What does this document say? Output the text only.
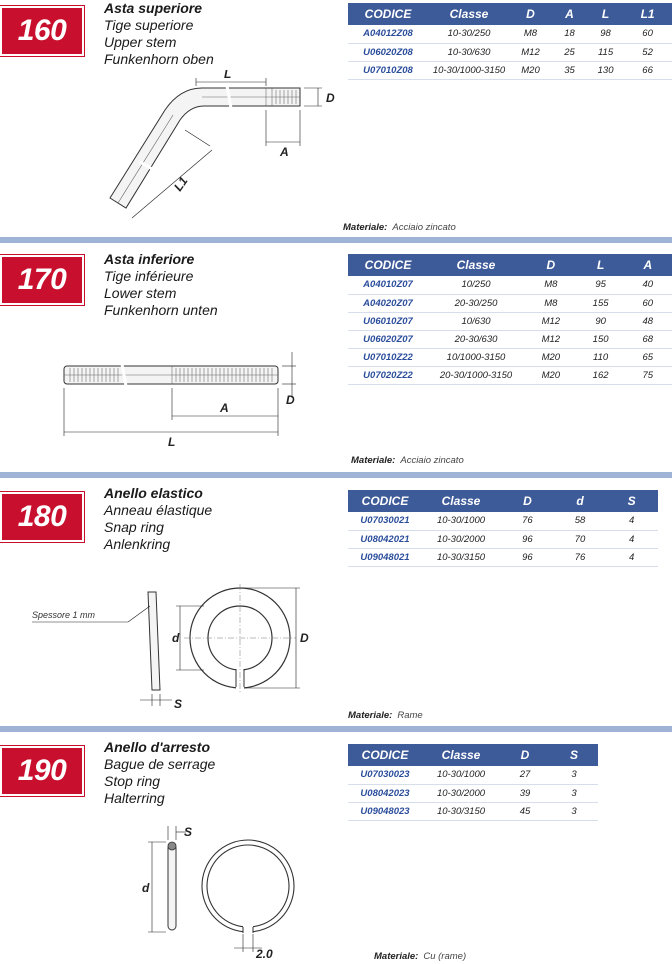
160
Asta superiore
Tige superiore
Upper stem
Funkenhorn oben
CODICE	Classe	D	A	L	L1
A04012Z08	10-30/250	M8	18	98	60
U06020Z08	10-30/630	M12	25	115	52
U07010Z08	10-30/1000-3150	M20	35	130	66
L
A
D
L1
Materiale: Acciaio zincato
170
Asta inferiore
Tige inférieure
Lower stem
Funkenhorn unten
CODICE	Classe	D	L	A
A04010Z07	10/250	M8	95	40
A04020Z07	20-30/250	M8	155	60
U06010Z07	10/630	M12	90	48
U06020Z07	20-30/630	M12	150	68
U07010Z22	10/1000-3150	M20	110	65
U07020Z22	20-30/1000-3150	M20	162	75
A
D
L
Materiale: Acciaio zincato
180
Anello elastico
Anneau élastique
Snap ring
Anlenkring
CODICE	Classe	D	d	S
U07030021	10-30/1000	76	58	4
U08042021	10-30/2000	96	70	4
U09048021	10-30/3150	96	76	4
Spessore 1 mm
S
d	D
Materiale: Rame
190
Anello d'arresto
Bague de serrage
Stop ring
Halterring
CODICE	Classe	D	S
U07030023	10-30/1000	27	3
U08042023	10-30/2000	39	3
U09048023	10-30/3150	45	3
S
d
2.0	Materiale: Cu (rame)
